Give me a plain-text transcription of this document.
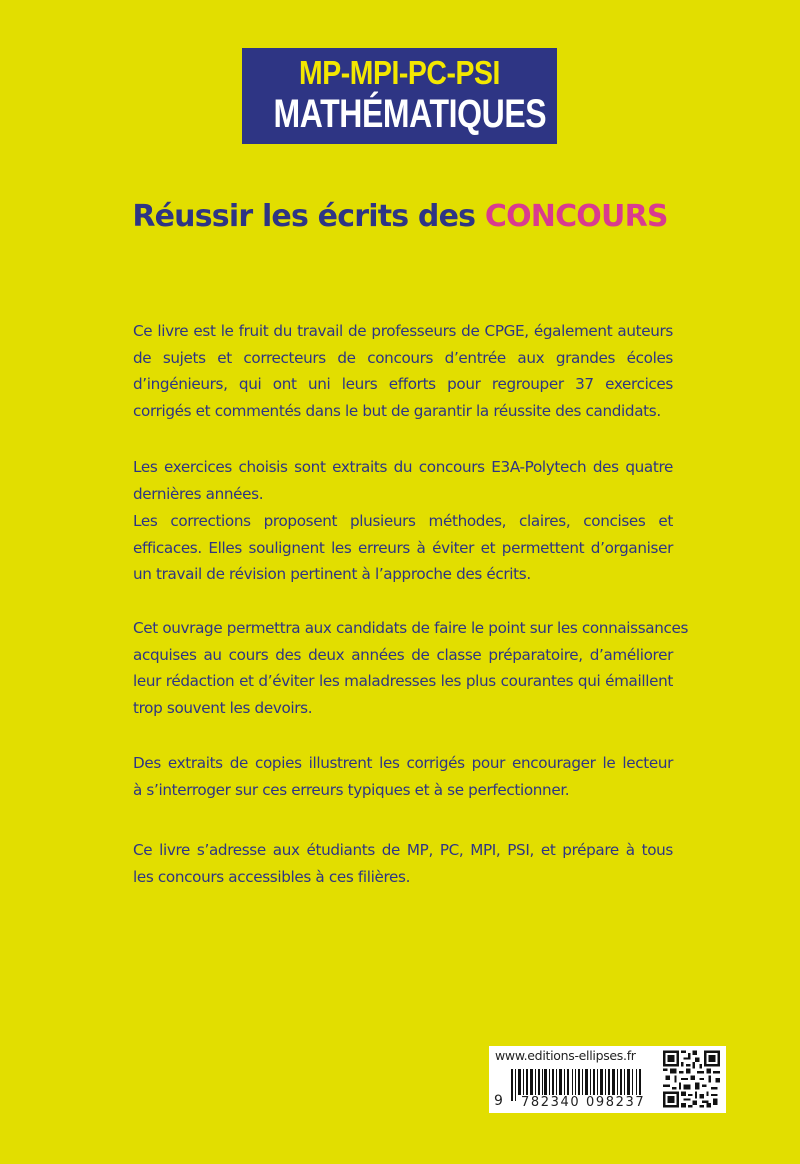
MP-MPI-PC-PSI
MATHÉMATIQUES
Réussir les écrits des CONCOURS
Ce livre est le fruit du travail de professeurs de CPGE, également auteurs
de sujets et correcteurs de concours d’entrée aux grandes écoles
d’ingénieurs, qui ont uni leurs efforts pour regrouper 37 exercices
corrigés et commentés dans le but de garantir la réussite des candidats.
Les exercices choisis sont extraits du concours E3A-Polytech des quatre
dernières années.
Les corrections proposent plusieurs méthodes, claires, concises et
efficaces. Elles soulignent les erreurs à éviter et permettent d’organiser
un travail de révision pertinent à l’approche des écrits.
Cet ouvrage permettra aux candidats de faire le point sur les connaissances
acquises au cours des deux années de classe préparatoire, d’améliorer
leur rédaction et d’éviter les maladresses les plus courantes qui émaillent
trop souvent les devoirs.
Des extraits de copies illustrent les corrigés pour encourager le lecteur
à s’interroger sur ces erreurs typiques et à se perfectionner.
Ce livre s’adresse aux étudiants de MP, PC, MPI, PSI, et prépare à tous
les concours accessibles à ces filières.
www.editions-ellipses.fr
9 782340 098237
